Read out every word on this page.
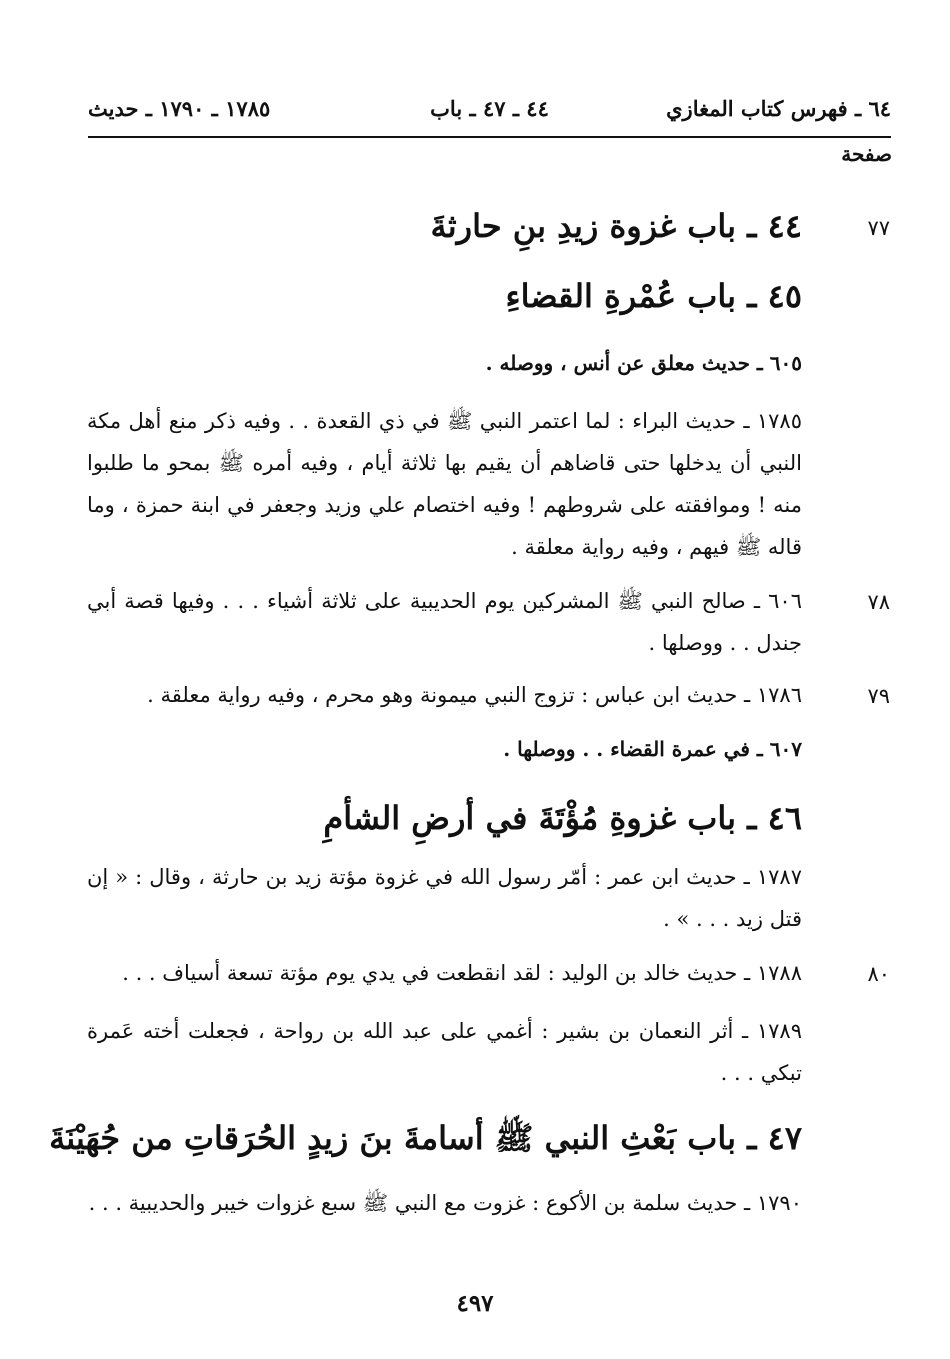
٦٤ ـ فهرس كتاب المغازي
٤٤ ـ ٤٧ ـ باب
١٧٨٥ ـ ١٧٩٠ ـ حديث
صفحة
٧٧
٤٤ ـ باب غزوة زيدِ بنِ حارثةَ
٤٥ ـ باب عُمْرةِ القضاءِ
٦٠٥ ـ حديث معلق عن أنس ، ووصله .
١٧٨٥ ـ حديث البراء : لما اعتمر النبي ﷺ في ذي القعدة . . وفيه ذكر منع أهل مكة النبي أن يدخلها حتى قاضاهم أن يقيم بها ثلاثة أيام ، وفيه أمره ﷺ بمحو ما طلبوا منه ! وموافقته على شروطهم ! وفيه اختصام علي وزيد وجعفر في ابنة حمزة ، وما قاله ﷺ فيهم ، وفيه رواية معلقة .
٧٨
٦٠٦ ـ صالح النبي ﷺ المشركين يوم الحديبية على ثلاثة أشياء . . . وفيها قصة أبي جندل . . ووصلها .
٧٩
١٧٨٦ ـ حديث ابن عباس : تزوج النبي ميمونة وهو محرم ، وفيه رواية معلقة .
٦٠٧ ـ في عمرة القضاء . . ووصلها .
٤٦ ـ باب غزوةِ مُؤْتَةَ في أرضِ الشأمِ
١٧٨٧ ـ حديث ابن عمر : أمّر رسول الله في غزوة مؤتة زيد بن حارثة ، وقال : « إن قتل زيد . . . » .
٨٠
١٧٨٨ ـ حديث خالد بن الوليد : لقد انقطعت في يدي يوم مؤتة تسعة أسياف . . .
١٧٨٩ ـ أثر النعمان بن بشير : أغمي على عبد الله بن رواحة ، فجعلت أخته عَمرة تبكي . . .
٤٧ ـ باب بَعْثِ النبي ﷺ أسامةَ بنَ زيدٍ الحُرَقاتِ من جُهَيْنَةَ
١٧٩٠ ـ حديث سلمة بن الأكوع : غزوت مع النبي ﷺ سبع غزوات خيبر والحديبية . . .
٤٩٧
